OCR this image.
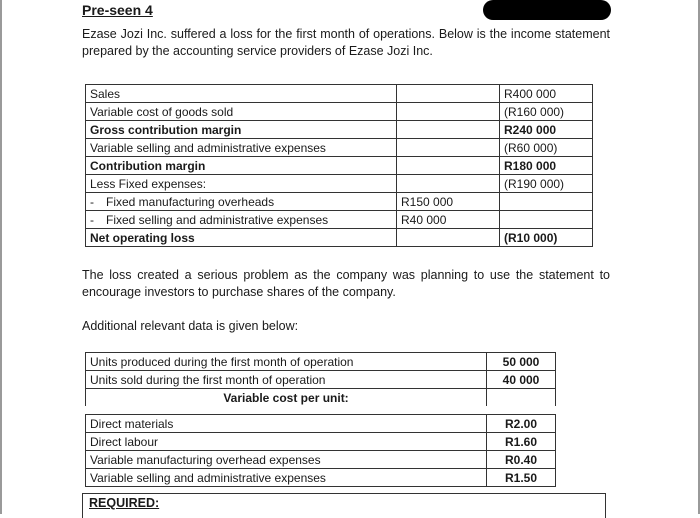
Pre-seen 4
Ezase Jozi Inc. suffered a loss for the first month of operations. Below is the income statement prepared by the accounting service providers of Ezase Jozi Inc.
Sales		R400 000
Variable cost of goods sold		(R160 000)
Gross contribution margin		R240 000
Variable selling and administrative expenses		(R60 000)
Contribution margin		R180 000
Less Fixed expenses:		(R190 000)
- Fixed manufacturing overheads	R150 000	
- Fixed selling and administrative expenses	R40 000	
Net operating loss		(R10 000)
The loss created a serious problem as the company was planning to use the statement to encourage investors to purchase shares of the company.
Additional relevant data is given below:
Units produced during the first month of operation	50 000
Units sold during the first month of operation	40 000
Variable cost per unit:	

Direct materials	R2.00
Direct labour	R1.60
Variable manufacturing overhead expenses	R0.40
Variable selling and administrative expenses	R1.50
REQUIRED:
